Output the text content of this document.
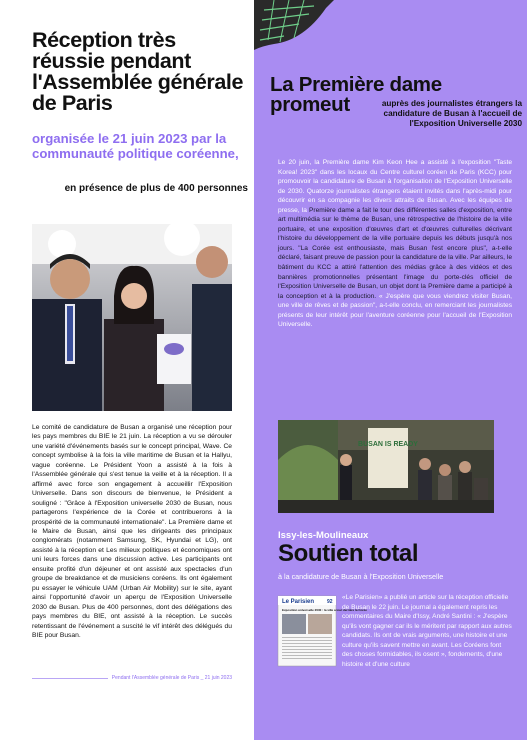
Réception très réussie pendant l'Assemblée générale de Paris
organisée le 21 juin 2023 par la communauté politique coréenne,

en présence de plus de 400 personnes

Le comité de candidature de Busan a organisé une réception pour les pays membres du BIE le 21 juin. La réception a vu se dérouler une variété d'événements basés sur le concept principal, Wave. Ce concept symbolise à la fois la ville maritime de Busan et la Hallyu, vague coréenne. Le Président Yoon a assisté à la fois à l'Assemblée générale qui s'est tenue la veille et à la réception. Il a affirmé avec force son engagement à accueillir l'Exposition Universelle. Dans son discours de bienvenue, le Président a souligné : "Grâce à l'Exposition universelle 2030 de Busan, nous partagerons l'expérience de la Corée et contribuerons à la prospérité de la communauté internationale". La Première dame et le Maire de Busan, ainsi que les dirigeants des principaux conglomérats (notamment Samsung, SK, Hyundai et LG), ont assisté à la réception et Les milieux politiques et économiques ont uni leurs forces dans une discussion active. Les participants ont ensuite profité d'un déjeuner et ont assisté aux spectacles d'un groupe de breakdance et de musiciens coréens. Ils ont également pu essayer le véhicule UAM (Urban Air Mobility) sur le site, ayant ainsi l'opportunité d'avoir un aperçu de l'Exposition Universelle 2030 de Busan. Plus de 400 personnes, dont des délégations des pays membres du BIE, ont assisté à la réception. Le succès retentissant de l'événement a suscité le vif intérêt des délégués du BIE pour Busan.

Pendant l'Assemblée générale de Paris _ 21 juin 2023
La Première dame
promeut	auprès des journalistes étrangers la candidature de Busan à l'accueil de l'Exposition Universelle 2030

Le 20 juin, la Première dame Kim Keon Hee a assisté à l'exposition "Taste Korea! 2023" dans les locaux du Centre culturel coréen de Paris (KCC) pour promouvoir la candidature de Busan à l'organisation de l'Exposition Universelle de 2030. Quatorze journalistes étrangers étaient invités dans l'après-midi pour découvrir en sa compagnie les divers attraits de Busan. Avec les équipes de presse, la Première dame a fait le tour des différentes salles d'exposition, entre art multimédia sur le thème de Busan, une rétrospective de l'histoire de la ville portuaire, et une exposition d'œuvres d'art et d'œuvres culturelles décrivant l'histoire du développement de la ville portuaire depuis les débuts jusqu'à nos jours. "La Corée est enthousiaste, mais Busan l'est encore plus", a-t-elle déclaré, faisant preuve de passion pour la candidature de la ville. Par ailleurs, le bâtiment du KCC a attiré l'attention des médias grâce à des vidéos et des bannières promotionnelles présentant l'image du porte-clés officiel de l'Exposition Universelle de Busan, un objet dont la Première dame a participé à la conception et à la production. « J'espère que vous viendrez visiter Busan, une ville de rêves et de passion", a-t-elle conclu, en remerciant les journalistes présents de leur intérêt pour l'aventure coréenne pour l'accueil de l'Exposition Universelle.

BUSAN IS READY

Issy-les-Moulineaux

Soutien total

à la candidature de Busan à l'Exposition Universelle

Le Parisien	92
Exposition universelle 2030 : la ville a tout derrière la Corée

«Le Parisien» a publié un article sur la réception officielle de Busan le 22 juin. Le journal a également repris les commentaires du Maire d'Issy, André Santini : « J'espère qu'ils vont gagner car ils le méritent par rapport aux autres candidats. Ils ont de vrais arguments, une histoire et une culture qu'ils savent mettre en avant. Les Coréens font des choses formidables, ils osent », fondements, d'une histoire et d'une culture
